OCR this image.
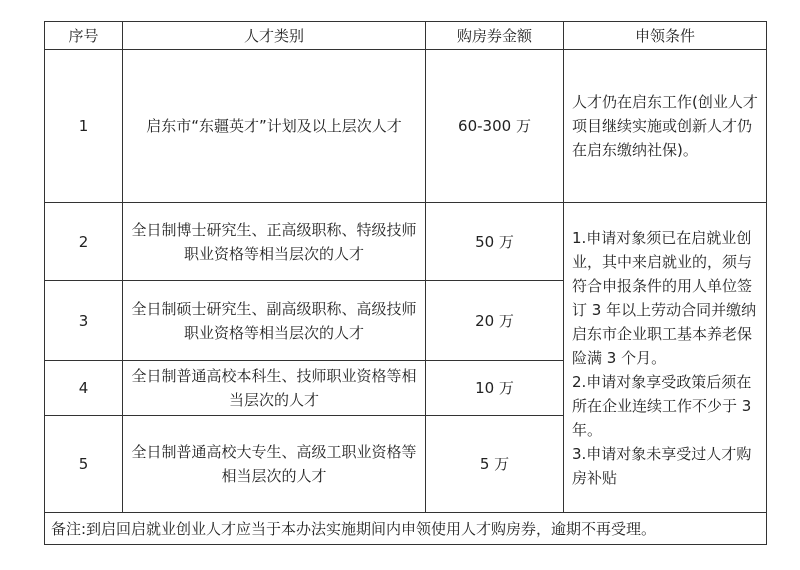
序号	人才类别	购房券金额	申领条件
1	启东市“东疆英才”计划及以上层次人才	60-300 万	人才仍在启东工作(创业人才项目继续实施或创新人才仍在启东缴纳社保)。
2	全日制博士研究生、正高级职称、特级技师职业资格等相当层次的人才	50 万	1.申请对象须已在启就业创业，其中来启就业的，须与符合申报条件的用人单位签订 3 年以上劳动合同并缴纳启东市企业职工基本养老保险满 3 个月。
2.申请对象享受政策后须在所在企业连续工作不少于 3 年。
3.申请对象未享受过人才购房补贴

3	全日制硕士研究生、副高级职称、高级技师职业资格等相当层次的人才	20 万	
4	全日制普通高校本科生、技师职业资格等相当层次的人才	10 万	
5	全日制普通高校大专生、高级工职业资格等相当层次的人才	5 万	
备注:到启回启就业创业人才应当于本办法实施期间内申领使用人才购房券，逾期不再受理。			
